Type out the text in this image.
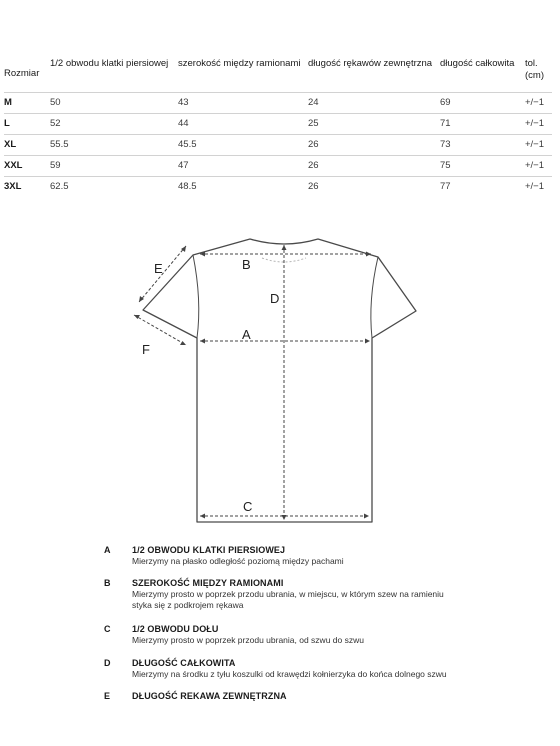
Rozmiar	1/2 obwodu klatki piersiowej	szerokość między ramionami	długość rękawów zewnętrzna	długość całkowita	tol. (cm)
M	50	43	24	69	+/−1
L	52	44	25	71	+/−1
XL	55.5	45.5	26	73	+/−1
XXL	59	47	26	75	+/−1
3XL	62.5	48.5	26	77	+/−1
B
D
A
C
E
F
A 1/2 OBWODU KLATKI PIERSIOWEJ
Mierzymy na płasko odległość poziomą między pachami
B SZEROKOŚĆ MIĘDZY RAMIONAMI
Mierzymy prosto w poprzek przodu ubrania, w miejscu, w którym szew na ramieniu styka się z podkrojem rękawa
C 1/2 OBWODU DOŁU
Mierzymy prosto w poprzek przodu ubrania, od szwu do szwu
D DŁUGOŚĆ CAŁKOWITA
Mierzymy na środku z tyłu koszulki od krawędzi kołnierzyka do końca dolnego szwu
E DŁUGOŚĆ REKAWA ZEWNĘTRZNA
